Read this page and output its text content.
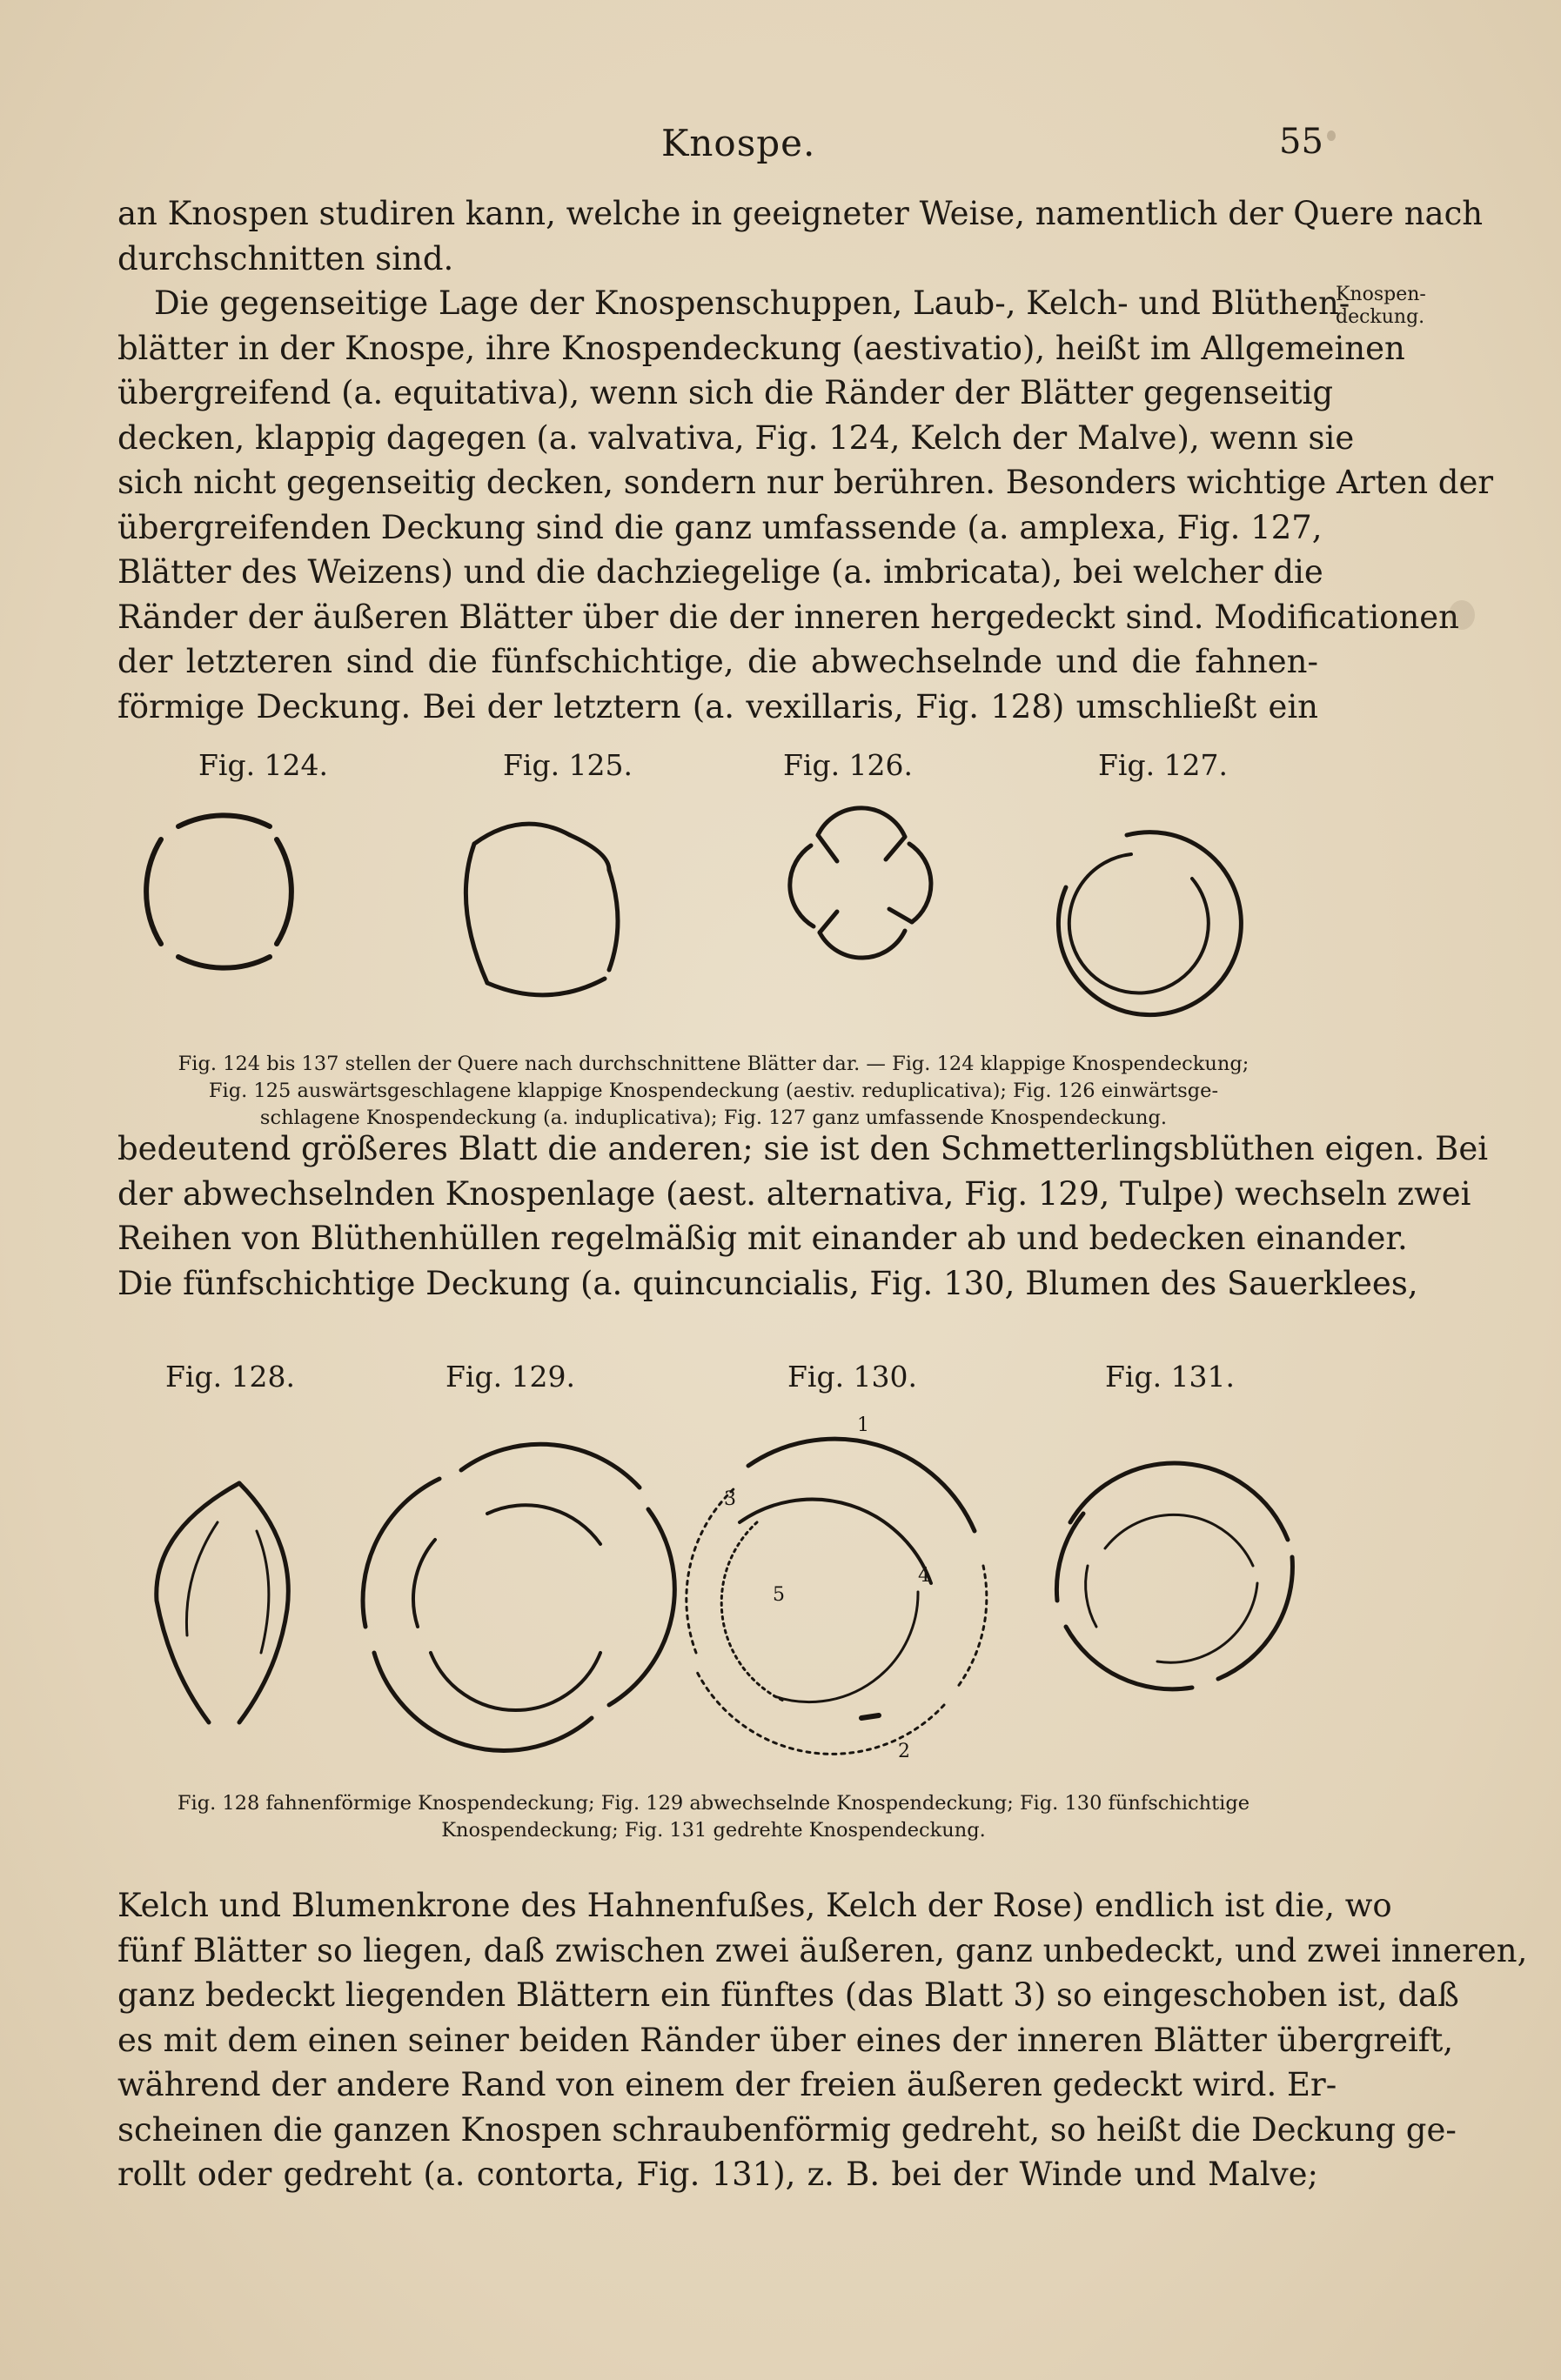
Knospe.	55
Knospen-
deckung.
an Knospen studiren kann, welche in geeigneter Weise, namentlich der Quere nach
durchschnitten sind.
Die gegenseitige Lage der Knospenschuppen, Laub-, Kelch- und Blüthen-
blätter in der Knospe, ihre Knospendeckung (aestivatio), heißt im Allgemeinen
übergreifend (a. equitativa), wenn sich die Ränder der Blätter gegenseitig
decken, klappig dagegen (a. valvativa, Fig. 124, Kelch der Malve), wenn sie
sich nicht gegenseitig decken, sondern nur berühren. Besonders wichtige Arten der
übergreifenden Deckung sind die ganz umfassende (a. amplexa, Fig. 127,
Blätter des Weizens) und die dachziegelige (a. imbricata), bei welcher die
Ränder der äußeren Blätter über die der inneren hergedeckt sind. Modificationen
der letzteren sind die fünfschichtige, die abwechselnde und die fahnen-
förmige Deckung. Bei der letztern (a. vexillaris, Fig. 128) umschließt ein
Fig. 124.	Fig. 125.	Fig. 126.	Fig. 127.
Fig. 124 bis 137 stellen der Quere nach durchschnittene Blätter dar. — Fig. 124 klappige Knospendeckung;
Fig. 125 auswärtsgeschlagene klappige Knospendeckung (aestiv. reduplicativa); Fig. 126 einwärtsge-
schlagene Knospendeckung (a. induplicativa); Fig. 127 ganz umfassende Knospendeckung.
bedeutend größeres Blatt die anderen; sie ist den Schmetterlingsblüthen eigen. Bei
der abwechselnden Knospenlage (aest. alternativa, Fig. 129, Tulpe) wechseln zwei
Reihen von Blüthenhüllen regelmäßig mit einander ab und bedecken einander.
Die fünfschichtige Deckung (a. quincuncialis, Fig. 130, Blumen des Sauerklees,
Fig. 128.	Fig. 129.	Fig. 130.	Fig. 131.
1
2
3
4
5
Fig. 128 fahnenförmige Knospendeckung; Fig. 129 abwechselnde Knospendeckung; Fig. 130 fünfschichtige
Knospendeckung; Fig. 131 gedrehte Knospendeckung.
Kelch und Blumenkrone des Hahnenfußes, Kelch der Rose) endlich ist die, wo
fünf Blätter so liegen, daß zwischen zwei äußeren, ganz unbedeckt, und zwei inneren,
ganz bedeckt liegenden Blättern ein fünftes (das Blatt 3) so eingeschoben ist, daß
es mit dem einen seiner beiden Ränder über eines der inneren Blätter übergreift,
während der andere Rand von einem der freien äußeren gedeckt wird. Er-
scheinen die ganzen Knospen schraubenförmig gedreht, so heißt die Deckung ge-
rollt oder gedreht (a. contorta, Fig. 131), z. B. bei der Winde und Malve;
